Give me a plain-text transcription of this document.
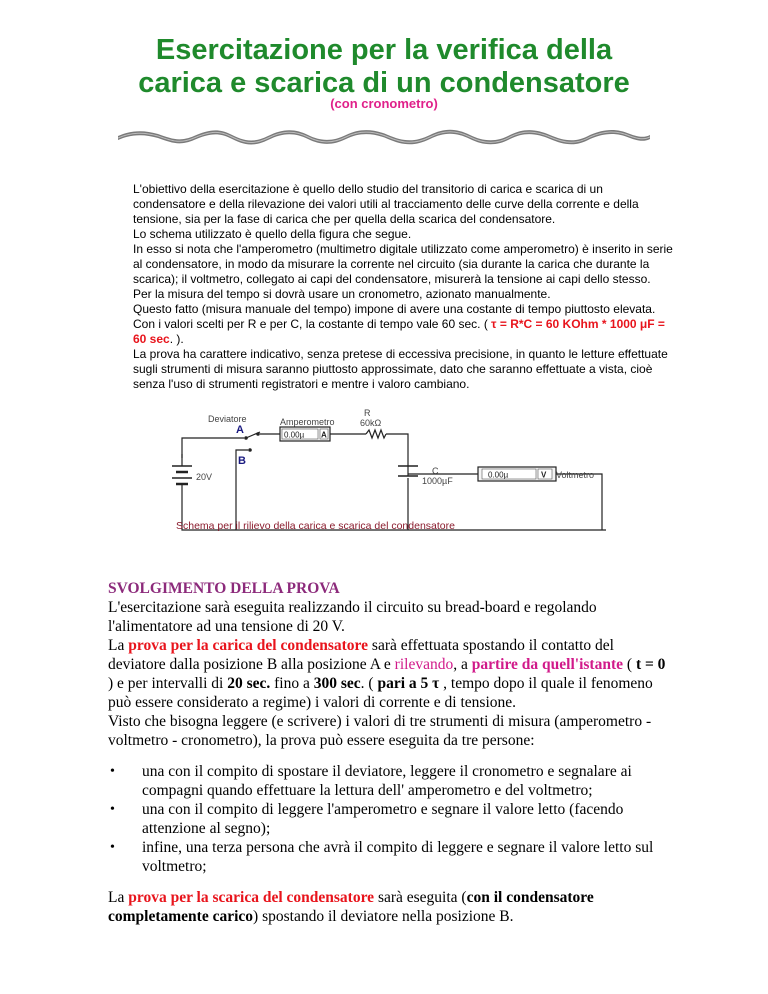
Esercitazione per la verifica della
carica e scarica di un condensatore
(con cronometro)

L'obiettivo della esercitazione è quello dello studio del transitorio di carica e scarica di un condensatore e della rilevazione dei valori utili al tracciamento delle curve della corrente e della tensione, sia per la fase di carica che per quella della scarica del condensatore.

Lo schema utilizzato è quello della figura che segue.

In esso si nota che l'amperometro (multimetro digitale utilizzato come amperometro) è inserito in serie al condensatore, in modo da misurare la corrente nel circuito (sia durante la carica che durante la scarica); il voltmetro, collegato ai capi del condensatore, misurerà la tensione ai capi dello stesso.

Per la misura del tempo si dovrà usare un cronometro, azionato manualmente.

Questo fatto (misura manuale del tempo) impone di avere una costante di tempo piuttosto elevata.

Con i valori scelti per R e per C, la costante di tempo vale 60 sec. ( τ = R*C = 60 KOhm * 1000 μF = 60 sec. ).

La prova ha carattere indicativo, senza pretese di eccessiva precisione, in quanto le letture effettuate sugli strumenti di misura saranno piuttosto approssimate, dato che saranno effettuate a vista, cioè senza l'uso di strumenti registratori e mentre i valoro cambiano.

20V
Deviatore
A
B
Amperometro
0.00µ A
R
60kΩ
C
1000µF
0.00µ	V Voltmetro
Schema per il rilievo della carica e scarica del condensatore

SVOLGIMENTO DELLA PROVA

L'esercitazione sarà eseguita realizzando il circuito su bread-board e regolando l'alimentatore ad una tensione di 20 V.

La prova per la carica del condensatore sarà effettuata spostando il contatto del deviatore dalla posizione B alla posizione A e rilevando, a partire da quell'istante ( t = 0 ) e per intervalli di 20 sec. fino a 300 sec. ( pari a 5 τ , tempo dopo il quale il fenomeno può essere considerato a regime) i valori di corrente e di tensione.

Visto che bisogna leggere (e scrivere) i valori di tre strumenti di misura (amperometro - voltmetro - cronometro), la prova può essere eseguita da tre persone:

• una con il compito di spostare il deviatore, leggere il cronometro e segnalare ai compagni quando effettuare la lettura dell' amperometro e del voltmetro;
• una con il compito di leggere l'amperometro e segnare il valore letto (facendo attenzione al segno);
• infine, una terza persona che avrà il compito di leggere e segnare il valore letto sul voltmetro;

La prova per la scarica del condensatore sarà eseguita (con il condensatore completamente carico) spostando il deviatore nella posizione B.
